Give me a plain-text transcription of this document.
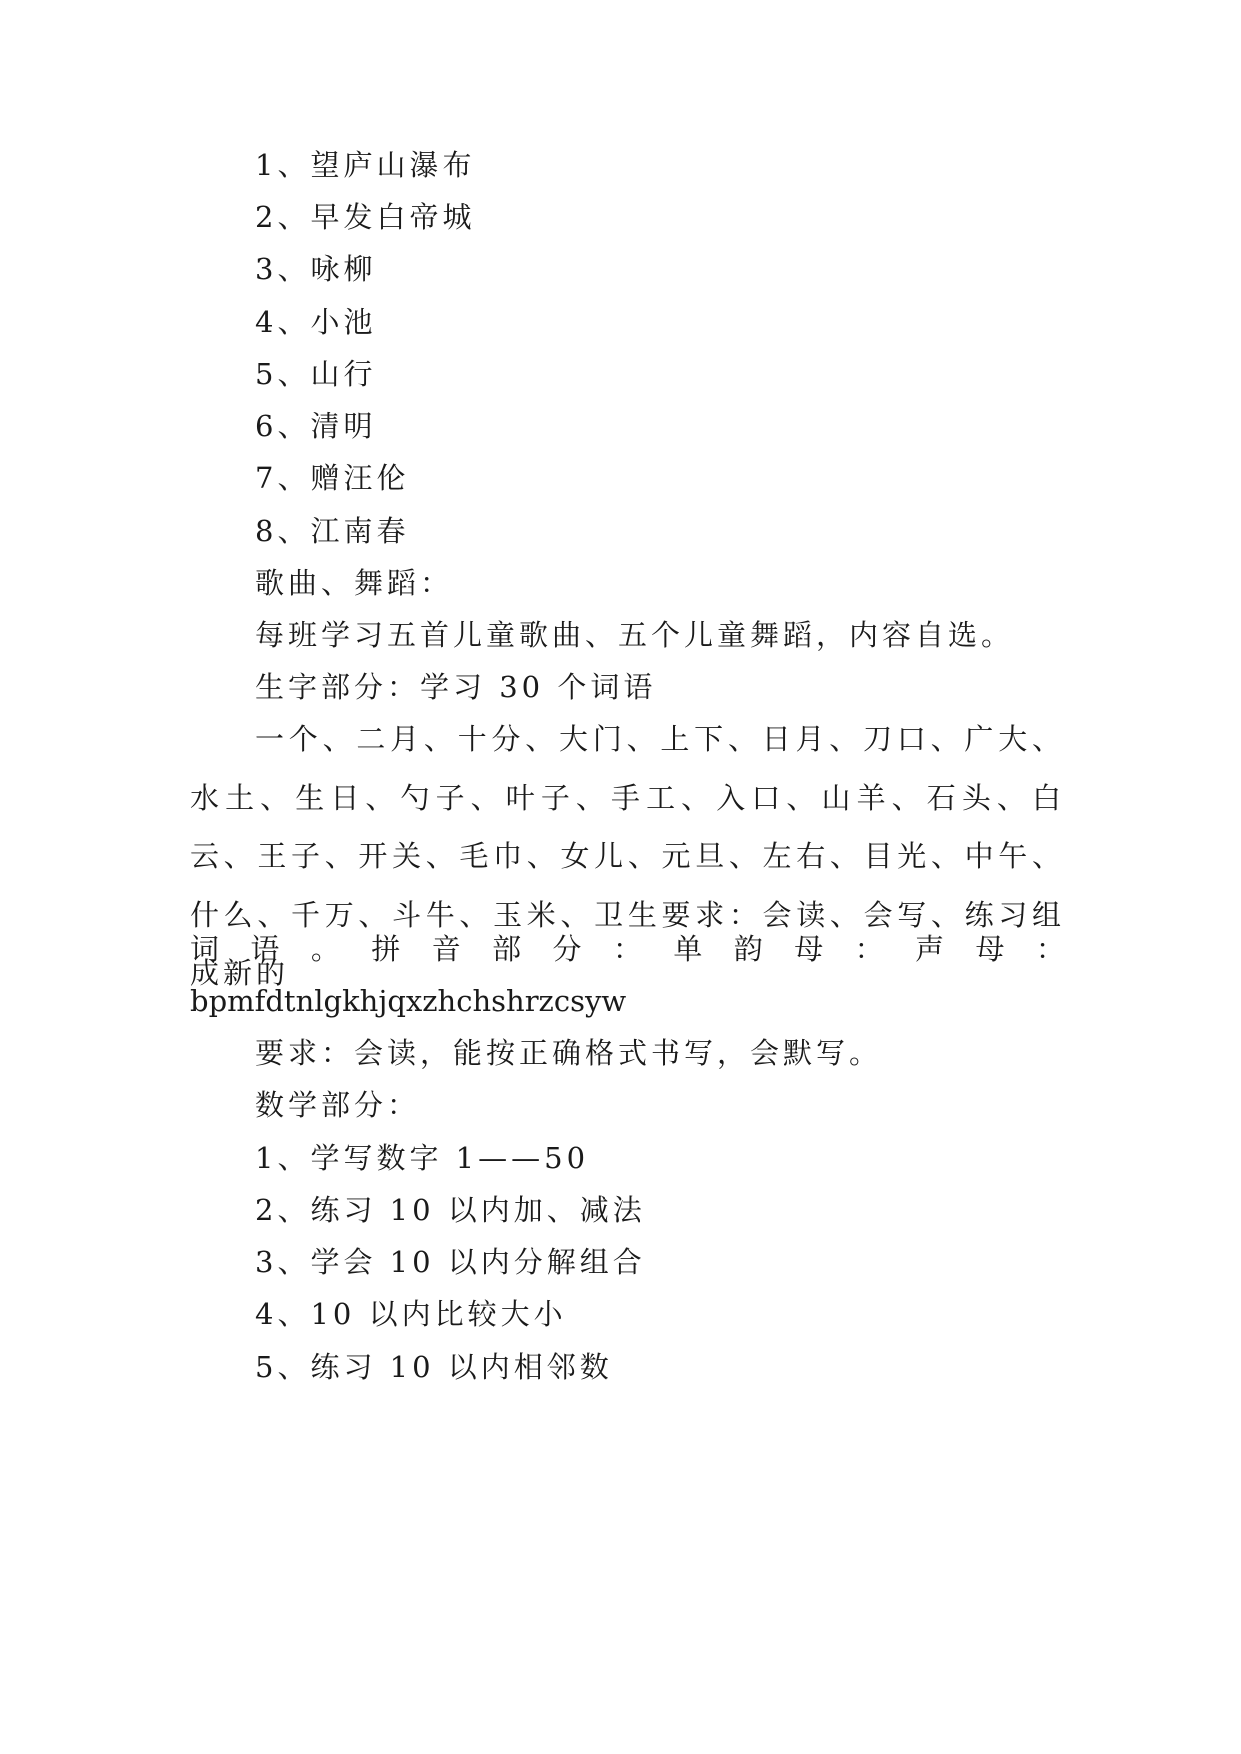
1、望庐山瀑布
2、早发白帝城
3、咏柳
4、小池
5、山行
6、清明
7、赠汪伦
8、江南春
歌曲、舞蹈：
每班学习五首儿童歌曲、五个儿童舞蹈，内容自选。
生字部分：学习 30 个词语
一个、二月、十分、大门、上下、日月、刀口、广大、水土、生日、勺子、叶子、手工、入口、山羊、石头、白云、王子、开关、毛巾、女儿、元旦、左右、目光、中午、什么、千万、斗牛、玉米、卫生要求：会读、会写、练习组成新的
词 语 。 拼 音 部 分 ： 单 韵 母 ： 声 母 ：
bpmfdtnlgkhjqxzhchshrzcsyw
要求：会读，能按正确格式书写，会默写。
数学部分：
1、学写数字 1——50
2、练习 10 以内加、减法
3、学会 10 以内分解组合
4、10 以内比较大小
5、练习 10 以内相邻数
